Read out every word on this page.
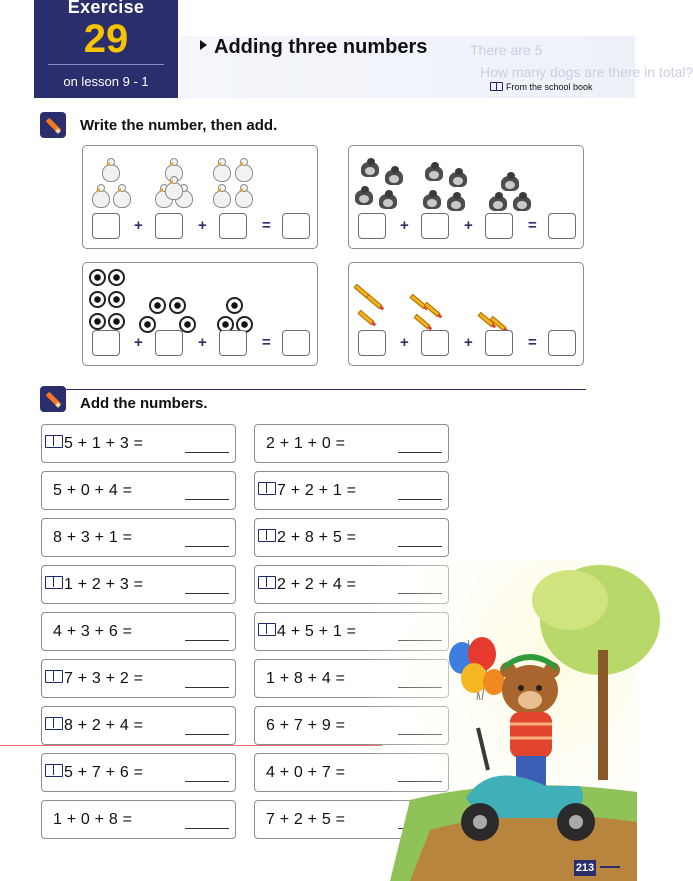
Exercise
29
on lesson 9 - 1
There are 5
How many dogs are there in total?
Adding three numbers
From the school book
Write the number, then add.
+	+	=	+	+	=
+	+	=	+	+	=
Add the numbers.
5 + 1 + 3 =
5 + 0 + 4 =
8 + 3 + 1 =
1 + 2 + 3 =
4 + 3 + 6 =
7 + 3 + 2 =
8 + 2 + 4 =
5 + 7 + 6 =
1 + 0 + 8 =
2 + 1 + 0 =
7 + 2 + 1 =
2 + 8 + 5 =
2 + 2 + 4 =
4 + 5 + 1 =
1 + 8 + 4 =
6 + 7 + 9 =
4 + 0 + 7 =
7 + 2 + 5 =
213
